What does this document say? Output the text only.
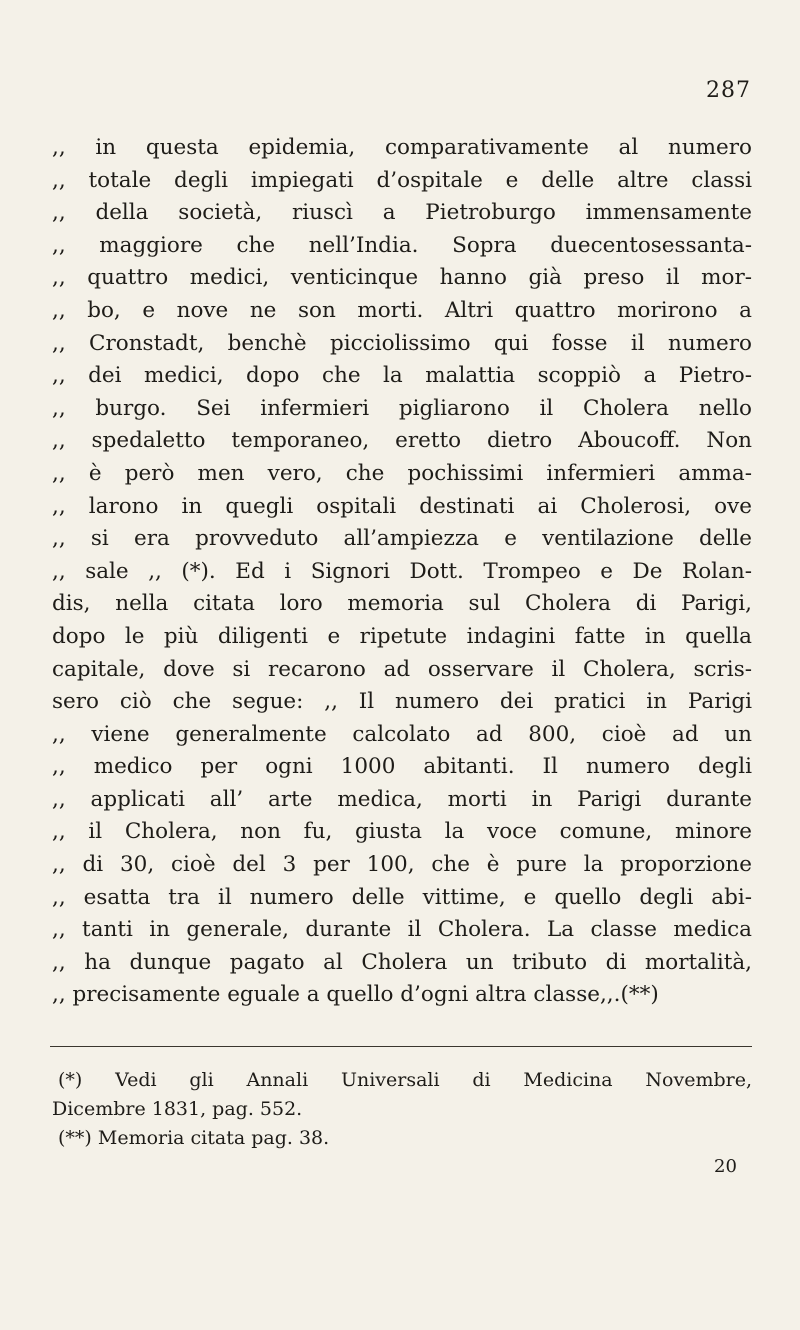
287
,, in questa epidemia, comparativamente al numero
,, totale degli impiegati d’ospitale e delle altre classi
,, della società, riuscì a Pietroburgo immensamente
,, maggiore che nell’India. Sopra duecentosessanta-
,, quattro medici, venticinque hanno già preso il mor-
,, bo, e nove ne son morti. Altri quattro morirono a
,, Cronstadt, benchè picciolissimo qui fosse il numero
,, dei medici, dopo che la malattia scoppiò a Pietro-
,, burgo. Sei infermieri pigliarono il Cholera nello
,, spedaletto temporaneo, eretto dietro Aboucoff. Non
,, è però men vero, che pochissimi infermieri amma-
,, larono in quegli ospitali destinati ai Cholerosi, ove
,, si era provveduto all’ampiezza e ventilazione delle
,, sale ,, (*). Ed i Signori Dott. Trompeo e De Rolan-
dis, nella citata loro memoria sul Cholera di Parigi,
dopo le più diligenti e ripetute indagini fatte in quella
capitale, dove si recarono ad osservare il Cholera, scris-
sero ciò che segue: ,, Il numero dei pratici in Parigi
,, viene generalmente calcolato ad 800, cioè ad un
,, medico per ogni 1000 abitanti. Il numero degli
,, applicati all’ arte medica, morti in Parigi durante
,, il Cholera, non fu, giusta la voce comune, minore
,, di 30, cioè del 3 per 100, che è pure la proporzione
,, esatta tra il numero delle vittime, e quello degli abi-
,, tanti in generale, durante il Cholera. La classe medica
,, ha dunque pagato al Cholera un tributo di mortalità,
,, precisamente eguale a quello d’ogni altra classe,,.(**)
(*) Vedi gli Annali Universali di Medicina Novembre,
Dicembre 1831, pag. 552.
(**) Memoria citata pag. 38.
20
